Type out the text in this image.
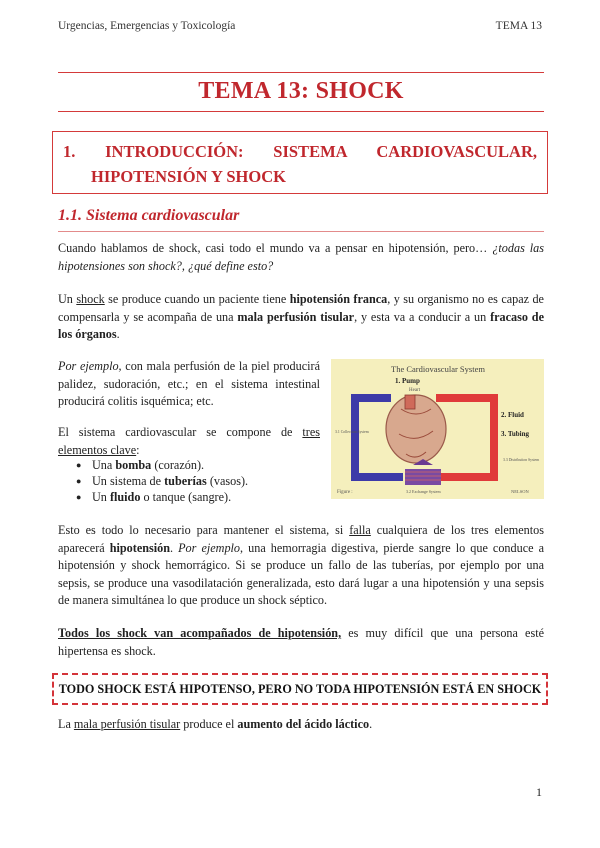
Urgencias, Emergencias y Toxicología	TEMA 13
TEMA 13: SHOCK
1. INTRODUCCIÓN: SISTEMA CARDIOVASCULAR,
HIPOTENSIÓN Y SHOCK
1.1. Sistema cardiovascular
Cuando hablamos de shock, casi todo el mundo va a pensar en hipotensión, pero… ¿todas las hipotensiones son shock?, ¿qué define esto?
Un shock se produce cuando un paciente tiene hipotensión franca, y su organismo no es capaz de compensarla y se acompaña de una mala perfusión tisular, y esta va a conducir a un fracaso de los órganos.
Por ejemplo, con mala perfusión de la piel producirá palidez, sudoración, etc.; en el sistema intestinal producirá colitis isquémica; etc.
El sistema cardiovascular se compone de tres elementos clave:
● Una bomba (corazón).
● Un sistema de tuberías (vasos).
● Un fluido o tanque (sangre).
The Cardiovascular System
1. Pump
Heart
2. Fluid
3. Tubing
3.1 Collection System
3.3 Distribution System
3.2 Exchange System
Figure :	NELSON
Esto es todo lo necesario para mantener el sistema, si falla cualquiera de los tres elementos aparecerá hipotensión. Por ejemplo, una hemorragia digestiva, pierde sangre lo que conduce a hipotensión y shock hemorrágico. Si se produce un fallo de las tuberías, por ejemplo por una sepsis, se produce una vasodilatación generalizada, esto dará lugar a una hipotensión y una sepsis de manera simultánea lo que produce un shock séptico.
Todos los shock van acompañados de hipotensión, es muy difícil que una persona esté hipertensa es shock.
TODO SHOCK ESTÁ HIPOTENSO, PERO NO TODA HIPOTENSIÓN ESTÁ EN SHOCK
La mala perfusión tisular produce el aumento del ácido láctico.
1
